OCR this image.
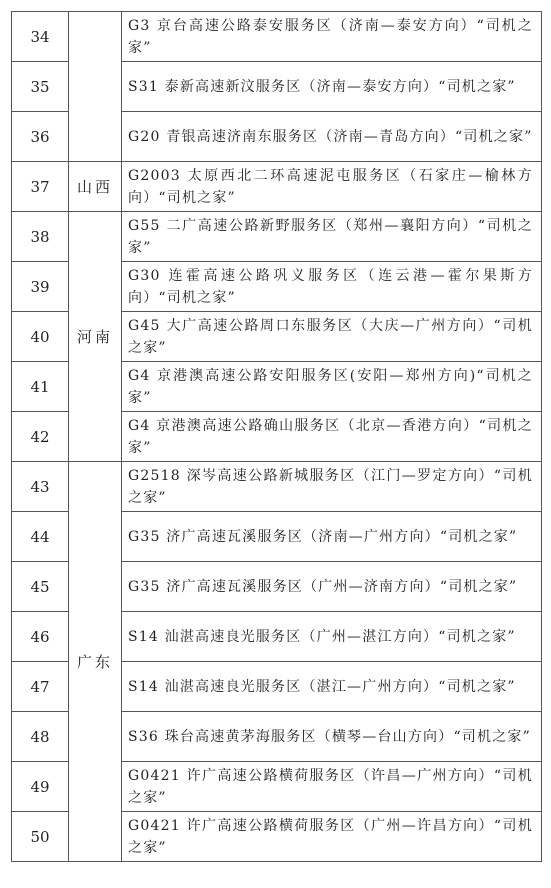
34		G3 京台高速公路泰安服务区（济南—泰安方向）“司机之家”
35		S31 泰新高速新汶服务区（济南—泰安方向）“司机之家”
36		G20 青银高速济南东服务区（济南—青岛方向）“司机之家”
37	山西	G2003 太原西北二环高速泥屯服务区（石家庄—榆林方向）“司机之家”
38	河南	G55 二广高速公路新野服务区（郑州—襄阳方向）“司机之家”
39		G30 连霍高速公路巩义服务区（连云港—霍尔果斯方向）“司机之家”
40		G45 大广高速公路周口东服务区（大庆—广州方向）“司机之家”
41		G4 京港澳高速公路安阳服务区(安阳—郑州方向)“司机之家”
42		G4 京港澳高速公路确山服务区（北京—香港方向）“司机之家”
43	广东	G2518 深岑高速公路新城服务区（江门—罗定方向）“司机之家”
44		G35 济广高速瓦溪服务区（济南—广州方向）“司机之家”
45		G35 济广高速瓦溪服务区（广州—济南方向）“司机之家”
46		S14 汕湛高速良光服务区（广州—湛江方向）“司机之家”
47		S14 汕湛高速良光服务区（湛江—广州方向）“司机之家”
48		S36 珠台高速黄茅海服务区（横琴—台山方向）“司机之家”
49		G0421 许广高速公路横荷服务区（许昌—广州方向）“司机之家”
50		G0421 许广高速公路横荷服务区（广州—许昌方向）“司机之家”
